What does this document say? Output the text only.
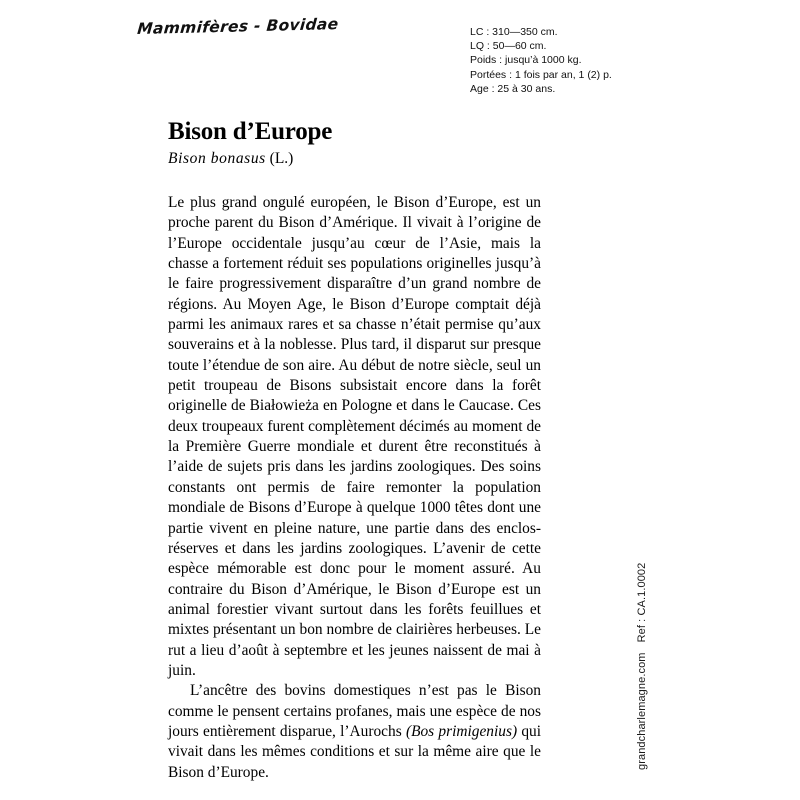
Mammifères - Bovidae	LC : 310—350 cm.
LQ : 50—60 cm.
Poids : jusqu’à 1000 kg.
Portées : 1 fois par an, 1 (2) p.
Age : 25 à 30 ans.
Bison d’Europe

Bison bonasus (L.)

Le plus grand ongulé européen, le Bison d’Europe, est un proche parent du Bison d’Amérique. Il vivait à l’origine de l’Europe occidentale jusqu’au cœur de l’Asie, mais la chasse a fortement réduit ses populations originelles jusqu’à le faire progressivement disparaître d’un grand nombre de régions. Au Moyen Age, le Bison d’Europe comptait déjà parmi les animaux rares et sa chasse n’était permise qu’aux souverains et à la noblesse. Plus tard, il disparut sur presque toute l’étendue de son aire. Au début de notre siècle, seul un petit troupeau de Bisons subsistait encore dans la forêt originelle de Białowieża en Pologne et dans le Caucase. Ces deux troupeaux furent complètement décimés au moment de la Première Guerre mondiale et durent être reconstitués à l’aide de sujets pris dans les jardins zoologiques. Des soins constants ont permis de faire remonter la population mondiale de Bisons d’Europe à quelque 1000 têtes dont une partie vivent en pleine nature, une partie dans des enclos-réserves et dans les jardins zoologiques. L’avenir de cette espèce mémorable est donc pour le moment assuré. Au contraire du Bison d’Amérique, le Bison d’Europe est un animal forestier vivant surtout dans les forêts feuillues et mixtes présentant un bon nombre de clairières herbeuses. Le rut a lieu d’août à septembre et les jeunes naissent de mai à juin.

L’ancêtre des bovins domestiques n’est pas le Bison comme le pensent certains profanes, mais une espèce de nos jours entièrement disparue, l’Aurochs (Bos primigenius) qui vivait dans les mêmes conditions et sur la même aire que le Bison d’Europe.

grandcharlemagne.comRef : CA.1.0002
